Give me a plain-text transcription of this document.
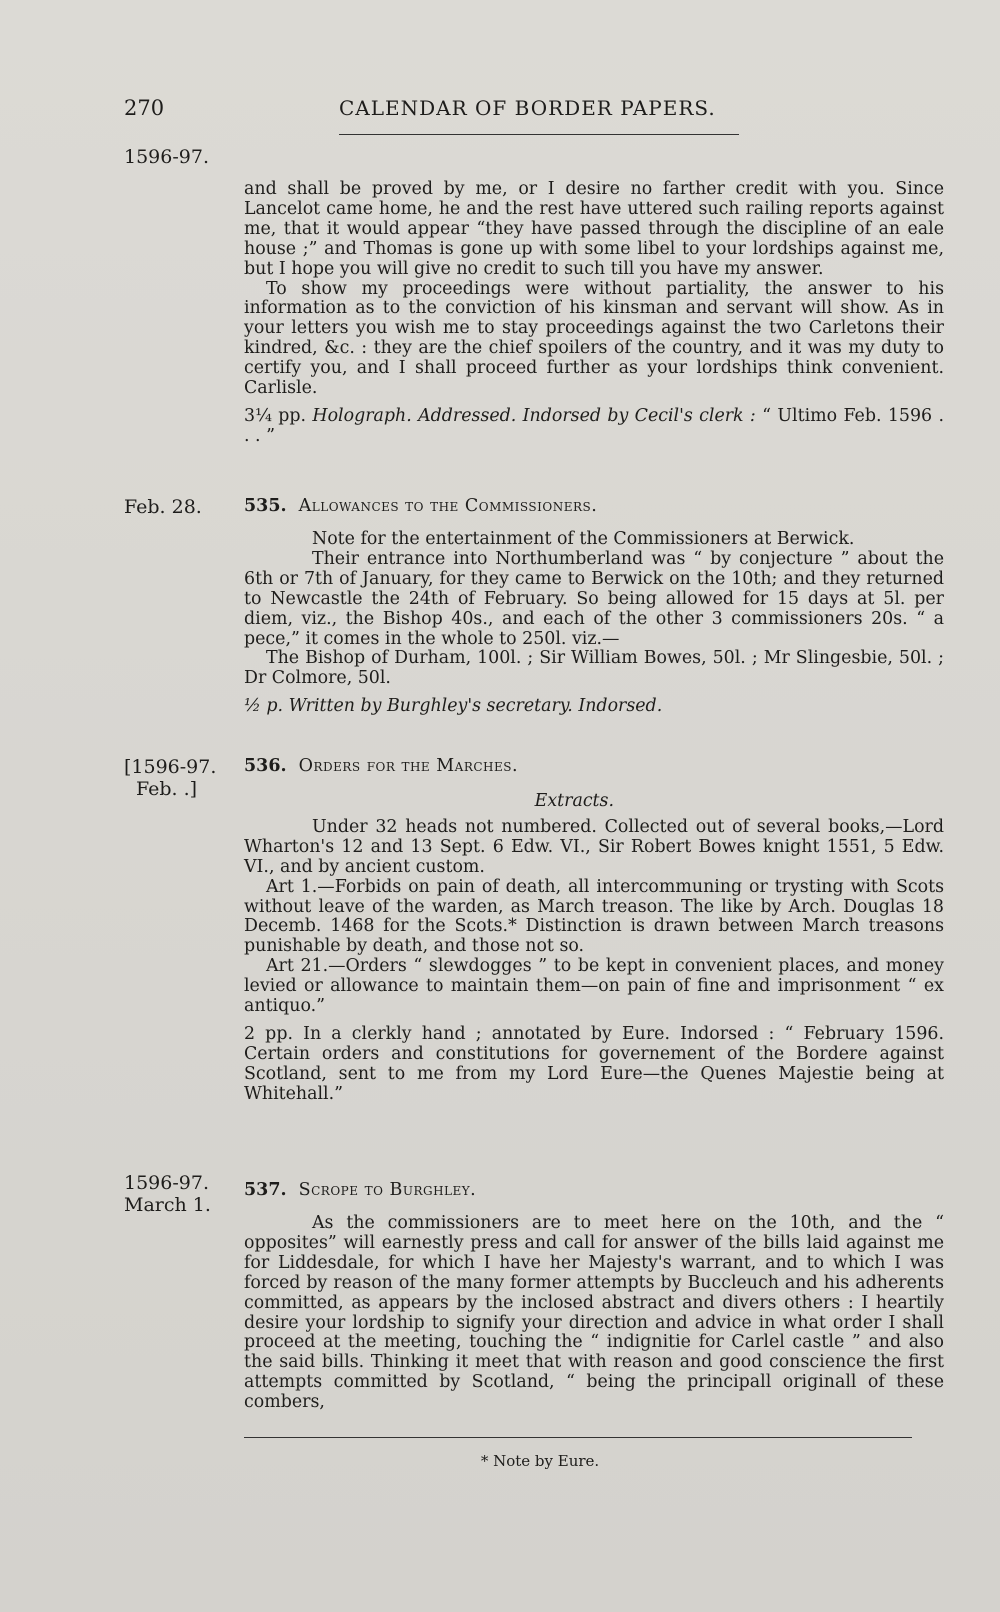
270	CALENDAR OF BORDER PAPERS.
1596-97.

and shall be proved by me, or I desire no farther credit with you. Since Lancelot came home, he and the rest have uttered such railing reports against me, that it would appear “they have passed through the discipline of an eale house ;” and Thomas is gone up with some libel to your lordships against me, but I hope you will give no credit to such till you have my answer.

To show my proceedings were without partiality, the answer to his information as to the conviction of his kinsman and servant will show. As in your letters you wish me to stay proceedings against the two Carletons their kindred, &c. : they are the chief spoilers of the country, and it was my duty to certify you, and I shall proceed further as your lordships think convenient. Carlisle.

3¼ pp. Holograph. Addressed. Indorsed by Cecil's clerk : “ Ultimo Feb. 1596 . . . ”

Feb. 28. 535. Allowances to the Commissioners.

Note for the entertainment of the Commissioners at Berwick.

Their entrance into Northumberland was “ by conjecture ” about the 6th or 7th of January, for they came to Berwick on the 10th; and they returned to Newcastle the 24th of February. So being allowed for 15 days at 5l. per diem, viz., the Bishop 40s., and each of the other 3 commissioners 20s. “ a pece,” it comes in the whole to 250l. viz.—

The Bishop of Durham, 100l. ; Sir William Bowes, 50l. ; Mr Slingesbie, 50l. ; Dr Colmore, 50l.

½ p. Written by Burghley's secretary. Indorsed.

[1596-97.
Feb. .]
536. Orders for the Marches.

Extracts.

Under 32 heads not numbered. Collected out of several books,—Lord Wharton's 12 and 13 Sept. 6 Edw. VI., Sir Robert Bowes knight 1551, 5 Edw. VI., and by ancient custom.

Art 1.—Forbids on pain of death, all intercommuning or trysting with Scots without leave of the warden, as March treason. The like by Arch. Douglas 18 Decemb. 1468 for the Scots.* Distinction is drawn between March treasons punishable by death, and those not so.

Art 21.—Orders “ slewdogges ” to be kept in convenient places, and money levied or allowance to maintain them—on pain of fine and imprisonment “ ex antiquo.”

2 pp. In a clerkly hand ; annotated by Eure. Indorsed : “ February 1596. Certain orders and constitutions for governement of the Bordere against Scotland, sent to me from my Lord Eure—the Quenes Majestie being at Whitehall.”

1596-97.
March 1.
537. Scrope to Burghley.

As the commissioners are to meet here on the 10th, and the “ opposites” will earnestly press and call for answer of the bills laid against me for Liddesdale, for which I have her Majesty's warrant, and to which I was forced by reason of the many former attempts by Buccleuch and his adherents committed, as appears by the inclosed abstract and divers others : I heartily desire your lordship to signify your direction and advice in what order I shall proceed at the meeting, touching the “ indignitie for Carlel castle ” and also the said bills. Thinking it meet that with reason and good conscience the first attempts committed by Scotland, “ being the principall originall of these combers,

* Note by Eure.
